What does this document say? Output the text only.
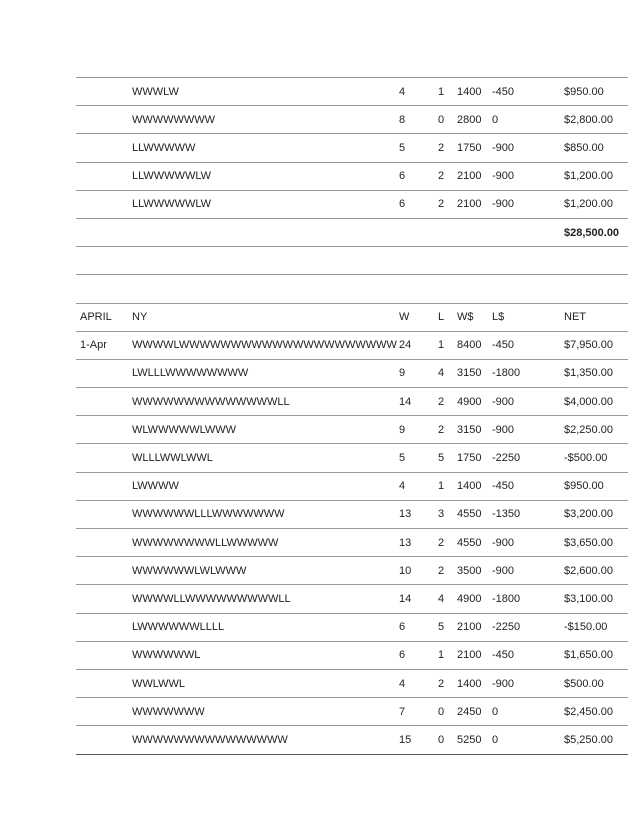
WWWLW	4	1 1400 -450	$950.00
WWWWWWWW	8	0 2800 0	$2,800.00
LLWWWWW	5	2 1750 -900	$850.00
LLWWWWWLW	6	2 2100 -900	$1,200.00
LLWWWWWLW	6	2 2100 -900	$1,200.00
$28,500.00
APRIL NY	W	L W$ L$	NET
1-Apr WWWWLWWWWWWWWWWWWWWWWWWWWW 24 1 8400 -450	$7,950.00
LWLLLWWWWWWWW	9	4 3150 -1800	$1,350.00
WWWWWWWWWWWWWWLL	14 2 4900 -900	$4,000.00
WLWWWWWLWWW	9	2 3150 -900	$2,250.00
WLLLWWLWWL	5	5 1750 -2250	-$500.00
LWWWW	4	1 1400 -450	$950.00
WWWWWWLLLWWWWWWW	13 3 4550 -1350	$3,200.00
WWWWWWWWLLWWWWW	13 2 4550 -900	$3,650.00
WWWWWWLWLWWW	10 2 3500 -900	$2,600.00
WWWWLLWWWWWWWWWLL	14 4 4900 -1800	$3,100.00
LWWWWWWLLLL	6	5 2100 -2250	-$150.00
WWWWWWL	6	1 2100 -450	$1,650.00
WWLWWL	4	2 1400 -900	$500.00
WWWWWWW	7	0 2450 0	$2,450.00
WWWWWWWWWWWWWWW	15 0 5250 0	$5,250.00
